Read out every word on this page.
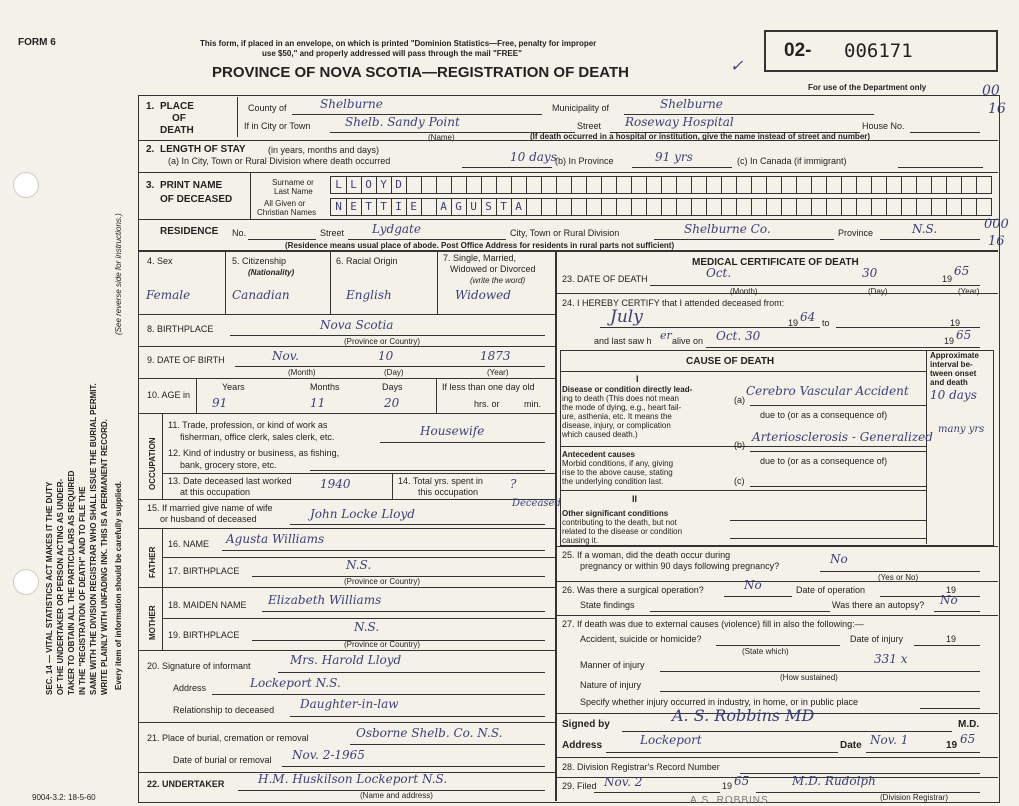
FORM 6	This form, if placed in an envelope, on which is printed "Dominion Statistics—Free, penalty for improper
use $50," and properly addressed will pass through the mail "FREE"	02- 006171
PROVINCE OF NOVA SCOTIA—REGISTRATION OF DEATH	✓
For use of the Department only	00
16
SEC. 14 — VITAL STATISTICS ACT MAKES IT THE DUTY OF THE UNDERTAKER OR PERSON ACTING AS UNDER- TAKER TO OBTAIN ALL THE PARTICULARS AS REQUIRED IN THE "REGISTRATION OF DEATH" AND TO FILE THE SAME WITH THE DIVISION REGISTRAR WHO SHALL ISSUE THE BURIAL PERMIT. WRITE PLAINLY WITH UNFADING INK. THIS IS A PERMANENT RECORD. Every item of information should be carefully supplied.
(See reverse side for instructions.)
1. PLACE
OF
DEATH
County of	Shelburne	Municipality of	Shelburne
If in City or Town	Shelb. Sandy Point	Street Roseway Hospital	House No.
(Name)	(If death occurred in a hospital or institution, give the name instead of street and number)
2. LENGTH OF STAY (in years, months and days)
(a) In City, Town or Rural Division where death occurred	10 days
(b) In Province	91 yrs	(c) In Canada (if immigrant)
3. PRINT NAME
OF DECEASED
Surname or
Last Name
All Given or
Christian Names
L L O Y D
N E T T I E A G U S T A
RESIDENCE No.	Street Lydgate	City, Town or Rural Division	Shelburne Co.	Province	N.S.	000
16
(Residence means usual place of abode. Post Office Address for residents in rural parts not sufficient)
4. Sex
Female
5. Citizenship
(Nationality)
Canadian
6. Racial Origin
English
7. Single, Married,
Widowed or Divorced
(write the word)
Widowed
8. BIRTHPLACE	Nova Scotia
(Province or Country)
9. DATE OF BIRTH	Nov.	10	1873
(Month)	(Day)	(Year)
10. AGE in
Years	Months	Days
91	11	20
If less than one day old
hrs. or	min.
OCCUPATION
11. Trade, profession, or kind of work as
fisherman, office clerk, sales clerk, etc.	Housewife
12. Kind of industry or business, as fishing,
bank, grocery store, etc.
13. Date deceased last worked
at this occupation
1940	14. Total yrs. spent in
this occupation
?
15. If married give name of wife
or husband of deceased	John Locke Lloyd
Deceased
FATHER
16. NAME Agusta Williams
17. BIRTHPLACE	N.S.
(Province or Country)
MOTHER
18. MAIDEN NAME Elizabeth Williams
19. BIRTHPLACE
N.S.
(Province or Country)
20. Signature of informant	Mrs. Harold Lloyd
Address	Lockeport N.S.
Relationship to deceased Daughter-in-law
21. Place of burial, cremation or removal	Osborne Shelb. Co. N.S.
Date of burial or removal Nov. 2-1965
22. UNDERTAKER	H.M. Huskilson Lockeport N.S.
(Name and address)
MEDICAL CERTIFICATE OF DEATH
23. DATE OF DEATH	Oct.	30	19
65
(Month)	(Day)	(Year)
24. I HEREBY CERTIFY that I attended deceased from:
July	19 64 to	19
and last saw h er alive on Oct. 30	19 65
CAUSE OF DEATH
Approximate
interval be-
tween onset
and death
I
Disease or condition directly lead-
ing to death (This does not mean
the mode of dying, e.g., heart fail-
ure, asthenia, etc. It means the
disease, injury, or complication
which caused death.)
(a)
Cerebro Vascular Accident 10 days
due to (or as a consequence of)
Antecedent causes
Morbid conditions, if any, giving
rise to the above cause, stating
the underlying condition last.
(b)
Arteriosclerosis - Generalized
many yrs
due to (or as a consequence of)
(c)
II
Other significant conditions
contributing to the death, but not
related to the disease or condition
causing it.
25. If a woman, did the death occur during
pregnancy or within 90 days following pregnancy?	No
(Yes or No)
26. Was there a surgical operation?	No	Date of operation	19
State findings	Was there an autopsy? No
27. If death was due to external causes (violence) fill in also the following:—
Accident, suicide or homicide?	Date of injury	19
(State which)
Manner of injury	331 x
(How sustained)
Nature of injury
Specify whether injury occurred in industry, in home, or in public place
Signed by	A. S. Robbins MD	M.D.
Address	Lockeport	Date Nov. 1	19 65
28. Division Registrar's Record Number
29. Filed Nov. 2	19 65	M.D. Rudolph
(Division Registrar)
9004-3.2: 18-5-60	A.S. ROBBINS
